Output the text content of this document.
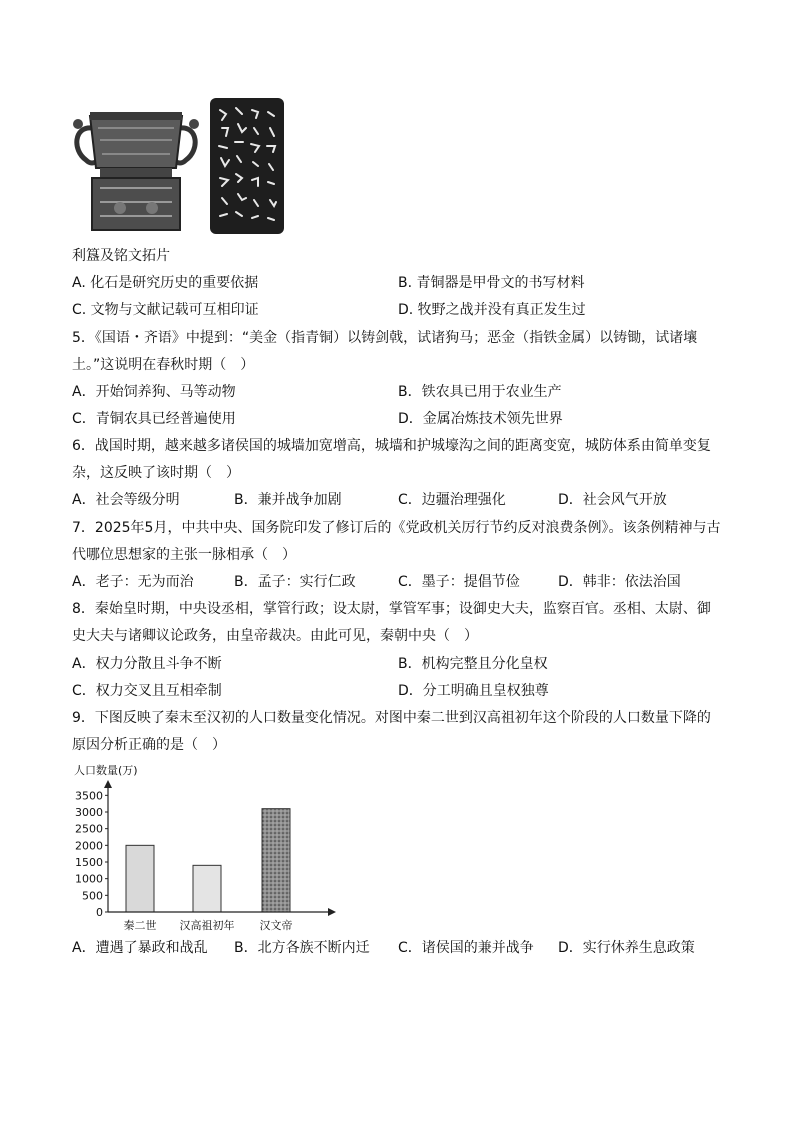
利簋及铭文拓片
A. 化石是研究历史的重要依据	B. 青铜器是甲骨文的书写材料
C. 文物与文献记载可互相印证	D. 牧野之战并没有真正发生过
5．《国语・齐语》中提到：“美金（指青铜）以铸剑戟，试诸狗马；恶金（指铁金属）以铸锄，试诸壤
土。”这说明在春秋时期（　）
A．开始饲养狗、马等动物	B．铁农具已用于农业生产
C．青铜农具已经普遍使用	D．金属冶炼技术领先世界
6．战国时期，越来越多诸侯国的城墙加宽增高，城墙和护城壕沟之间的距离变宽，城防体系由简单变复
杂，这反映了该时期（　）
A．社会等级分明	B．兼并战争加剧	C．边疆治理强化	D．社会风气开放
7．2025年5月，中共中央、国务院印发了修订后的《党政机关厉行节约反对浪费条例》。该条例精神与古
代哪位思想家的主张一脉相承（　）
A．老子：无为而治	B．孟子：实行仁政	C．墨子：提倡节俭	D．韩非：依法治国
8．秦始皇时期，中央设丞相，掌管行政；设太尉，掌管军事；设御史大夫，监察百官。丞相、太尉、御
史大夫与诸卿议论政务，由皇帝裁决。由此可见，秦朝中央（　）
A．权力分散且斗争不断	B．机构完整且分化皇权
C．权力交叉且互相牵制	D．分工明确且皇权独尊
9．下图反映了秦末至汉初的人口数量变化情况。对图中秦二世到汉高祖初年这个阶段的人口数量下降的
原因分析正确的是（　）
人口数量(万)
0
500
1000
1500
2000
2500
3000
3500
秦二世 汉高祖初年 汉文帝
A．遭遇了暴政和战乱 B．北方各族不断内迁 C．诸侯国的兼并战争 D．实行休养生息政策
